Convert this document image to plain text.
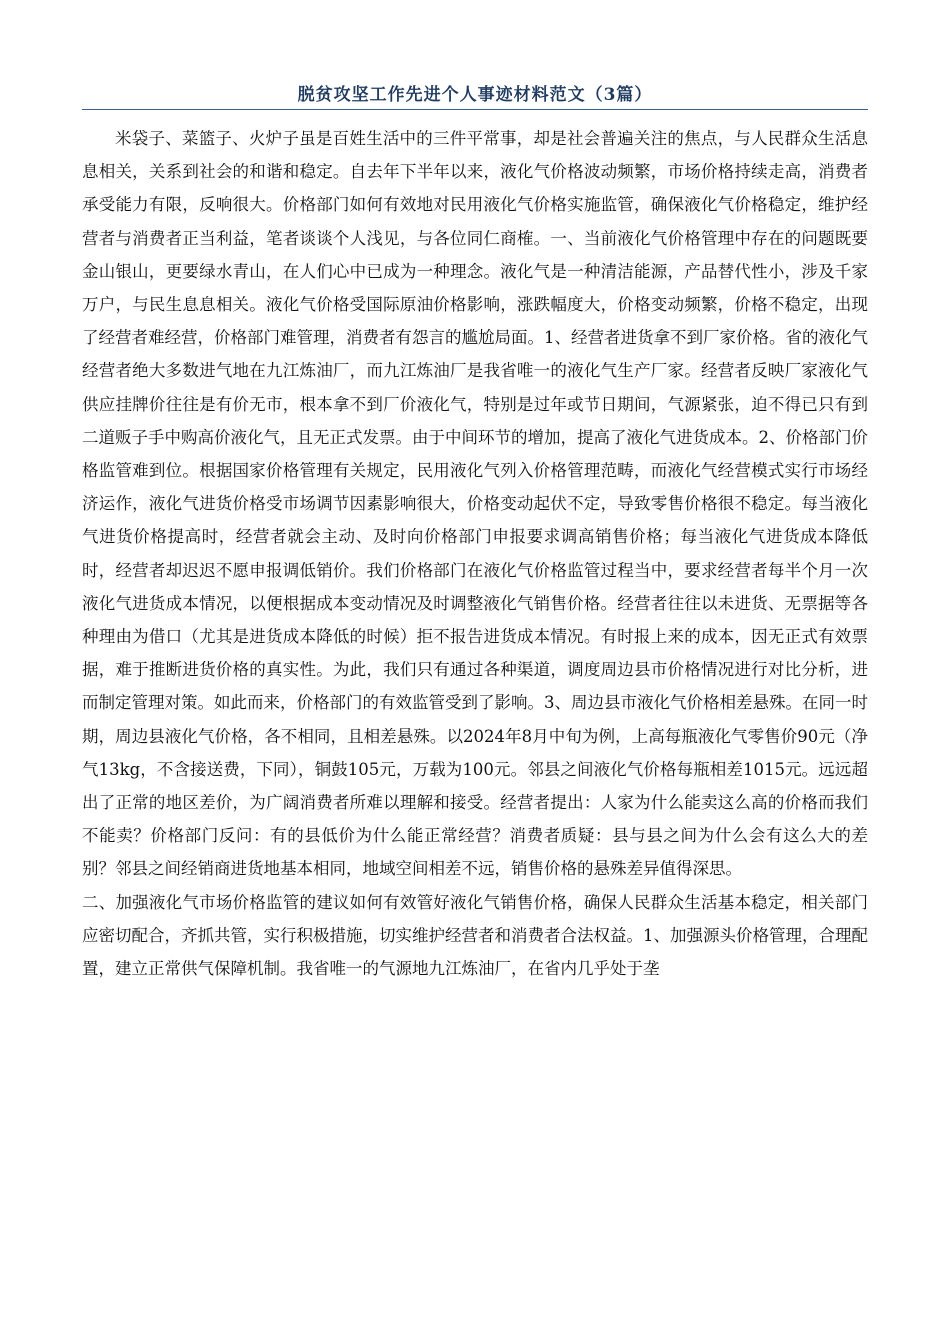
脱贫攻坚工作先进个人事迹材料范文（3篇）

米袋子、菜篮子、火炉子虽是百姓生活中的三件平常事，却是社会普遍关注的焦点，与人民群众生活息息相关，关系到社会的和谐和稳定。自去年下半年以来，液化气价格波动频繁，市场价格持续走高，消费者承受能力有限，反响很大。价格部门如何有效地对民用液化气价格实施监管，确保液化气价格稳定，维护经营者与消费者正当利益，笔者谈谈个人浅见，与各位同仁商榷。一、当前液化气价格管理中存在的问题既要金山银山，更要绿水青山，在人们心中已成为一种理念。液化气是一种清洁能源，产品替代性小，涉及千家万户，与民生息息相关。液化气价格受国际原油价格影响，涨跌幅度大，价格变动频繁，价格不稳定，出现了经营者难经营，价格部门难管理，消费者有怨言的尴尬局面。1、经营者进货拿不到厂家价格。省的液化气经营者绝大多数进气地在九江炼油厂，而九江炼油厂是我省唯一的液化气生产厂家。经营者反映厂家液化气供应挂牌价往往是有价无市，根本拿不到厂价液化气，特别是过年或节日期间，气源紧张，迫不得已只有到二道贩子手中购高价液化气，且无正式发票。由于中间环节的增加，提高了液化气进货成本。2、价格部门价格监管难到位。根据国家价格管理有关规定，民用液化气列入价格管理范畴，而液化气经营模式实行市场经济运作，液化气进货价格受市场调节因素影响很大，价格变动起伏不定，导致零售价格很不稳定。每当液化气进货价格提高时，经营者就会主动、及时向价格部门申报要求调高销售价格；每当液化气进货成本降低时，经营者却迟迟不愿申报调低销价。我们价格部门在液化气价格监管过程当中，要求经营者每半个月一次液化气进货成本情况，以便根据成本变动情况及时调整液化气销售价格。经营者往往以未进货、无票据等各种理由为借口（尤其是进货成本降低的时候）拒不报告进货成本情况。有时报上来的成本，因无正式有效票据，难于推断进货价格的真实性。为此，我们只有通过各种渠道，调度周边县市价格情况进行对比分析，进而制定管理对策。如此而来，价格部门的有效监管受到了影响。3、周边县市液化气价格相差悬殊。在同一时期，周边县液化气价格，各不相同，且相差悬殊。以2024年8月中旬为例，上高每瓶液化气零售价90元（净气13kg，不含接送费，下同），铜鼓105元，万载为100元。邻县之间液化气价格每瓶相差1015元。远远超出了正常的地区差价，为广阔消费者所难以理解和接受。经营者提出：人家为什么能卖这么高的价格而我们不能卖？价格部门反问：有的县低价为什么能正常经营？消费者质疑：县与县之间为什么会有这么大的差别？邻县之间经销商进货地基本相同，地域空间相差不远，销售价格的悬殊差异值得深思。

二、加强液化气市场价格监管的建议如何有效管好液化气销售价格，确保人民群众生活基本稳定，相关部门应密切配合，齐抓共管，实行积极措施，切实维护经营者和消费者合法权益。1、加强源头价格管理，合理配置，建立正常供气保障机制。我省唯一的气源地九江炼油厂，在省内几乎处于垄
